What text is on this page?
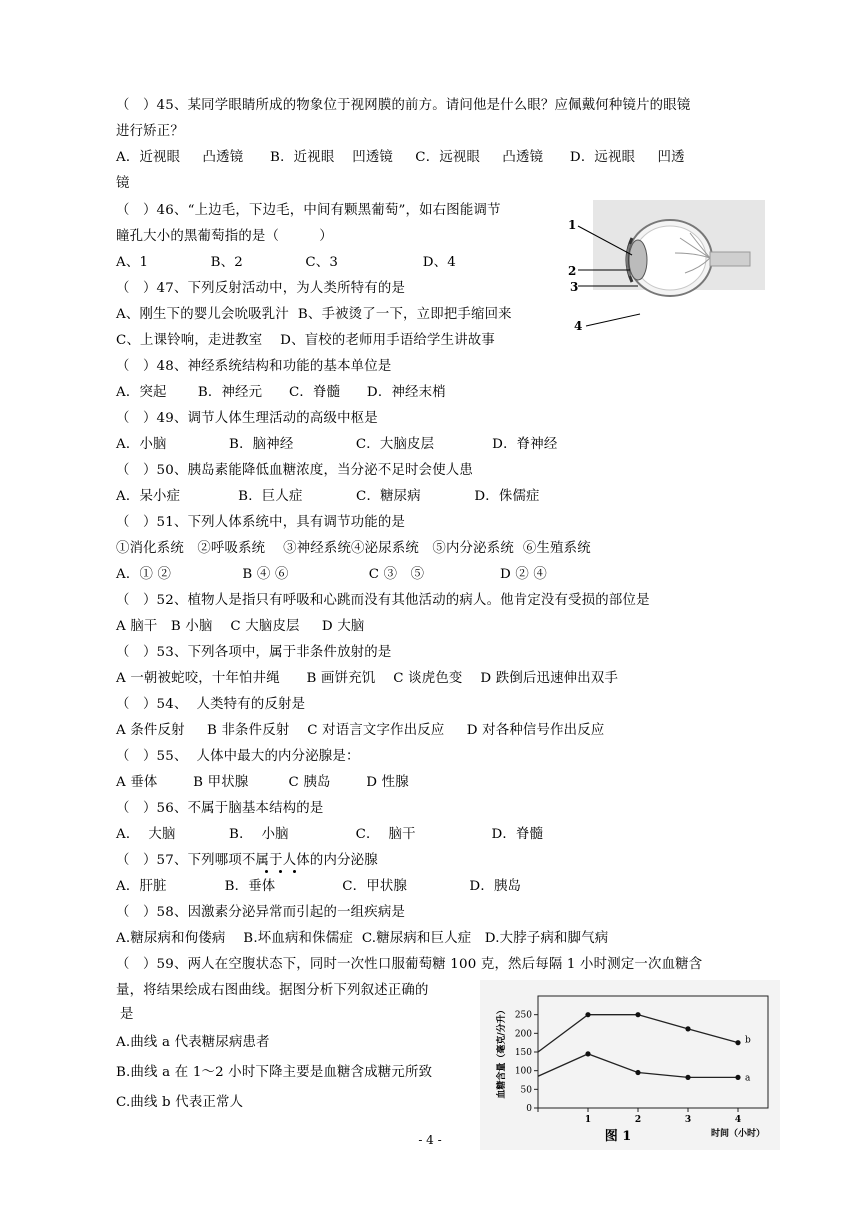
（   ）45、某同学眼睛所成的物象位于视网膜的前方。请问他是什么眼？应佩戴何种镜片的眼镜
进行矫正？
A．近视眼     凸透镜      B．近视眼    凹透镜     C．远视眼     凸透镜      D．远视眼     凹透
镜
（   ）46、“上边毛，下边毛，中间有颗黑葡萄”，如右图能调节
瞳孔大小的黑葡萄指的是（         ）
A、1              B、2              C、3                   D、4
1
2
3
4
（   ）47、下列反射活动中，为人类所特有的是
A、刚生下的婴儿会吮吸乳汁  B、手被烫了一下，立即把手缩回来
C、上课铃响，走进教室    D、盲校的老师用手语给学生讲故事
（   ）48、神经系统结构和功能的基本单位是
A．突起       B．神经元      C．脊髓      D．神经末梢
（   ）49、调节人体生理活动的高级中枢是
A．小脑              B．脑神经              C．大脑皮层             D．脊神经
（   ）50、胰岛素能降低血糖浓度，当分泌不足时会使人患
A．呆小症             B．巨人症            C．糖尿病            D．侏儒症
（   ）51、下列人体系统中，具有调节功能的是
①消化系统   ②呼吸系统    ③神经系统④泌尿系统   ⑤内分泌系统  ⑥生殖系统
A．① ②                B ④ ⑥                  C ③   ⑤                 D ② ④
（   ）52、植物人是指只有呼吸和心跳而没有其他活动的病人。他肯定没有受损的部位是
A 脑干   B 小脑    C 大脑皮层     D 大脑
（   ）53、下列各项中，属于非条件放射的是
A 一朝被蛇咬，十年怕井绳      B 画饼充饥    C 谈虎色变    D 跌倒后迅速伸出双手
（   ）54、  人类特有的反射是
A 条件反射     B 非条件反射    C 对语言文字作出反应     D 对各种信号作出反应
（   ）55、  人体中最大的内分泌腺是：
A 垂体        B 甲状腺         C 胰岛        D 性腺
（   ）56、不属于脑基本结构的是
A．  大脑            B．  小脑               C．  脑干                 D．脊髓
（   ）57、下列哪项不属于人体的内分泌腺
A．肝脏             B．垂体               C．甲状腺              D．胰岛
（   ）58、因激素分泌异常而引起的一组疾病是
A.糖尿病和佝偻病    B.坏血病和侏儒症  C.糖尿病和巨人症   D.大脖子病和脚气病
（   ）59、两人在空腹状态下，同时一次性口服葡萄糖 100 克，然后每隔 1 小时测定一次血糖含
量，将结果绘成右图曲线。据图分析下列叙述正确的
是
A.曲线 a 代表糖尿病患者
B.曲线 a 在 1～2 小时下降主要是血糖含成糖元所致
C.曲线 b 代表正常人	0
50
100
150
200
250
1	2	3	4
血糖含量（毫克/分升）
时间（小时）
图 1
b
a
- 4 -
